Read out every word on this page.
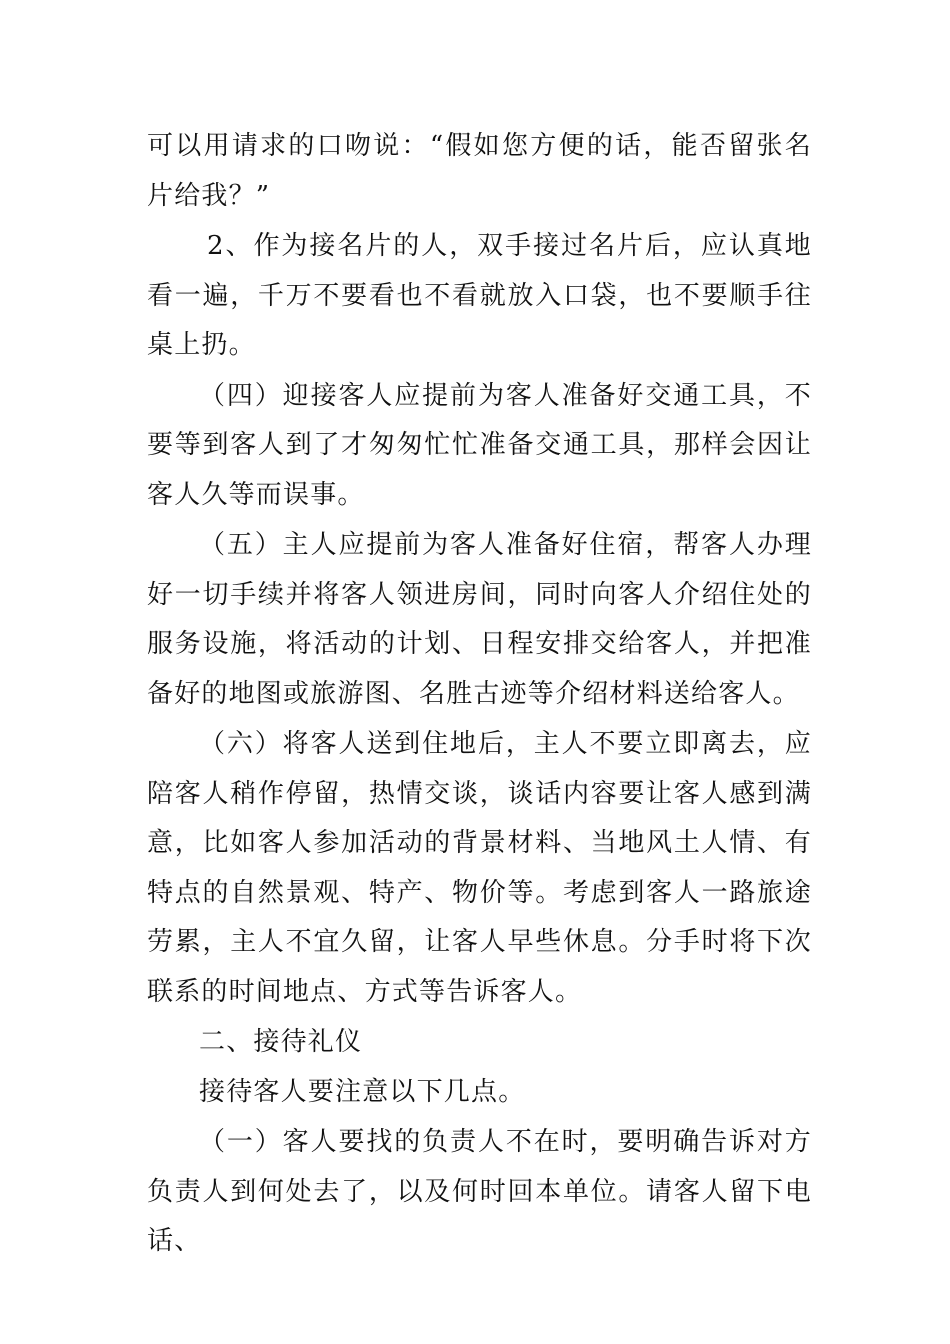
可以用请求的口吻说：“假如您方便的话，能否留张名片给我？”

2、作为接名片的人，双手接过名片后，应认真地看一遍，千万不要看也不看就放入口袋，也不要顺手往桌上扔。

（四）迎接客人应提前为客人准备好交通工具，不要等到客人到了才匆匆忙忙准备交通工具，那样会因让客人久等而误事。

（五）主人应提前为客人准备好住宿，帮客人办理好一切手续并将客人领进房间，同时向客人介绍住处的服务设施，将活动的计划、日程安排交给客人，并把准备好的地图或旅游图、名胜古迹等介绍材料送给客人。

（六）将客人送到住地后，主人不要立即离去，应陪客人稍作停留，热情交谈，谈话内容要让客人感到满意，比如客人参加活动的背景材料、当地风土人情、有特点的自然景观、特产、物价等。考虑到客人一路旅途劳累，主人不宜久留，让客人早些休息。分手时将下次联系的时间地点、方式等告诉客人。

二、接待礼仪

接待客人要注意以下几点。

（一）客人要找的负责人不在时，要明确告诉对方负责人到何处去了，以及何时回本单位。请客人留下电话、
